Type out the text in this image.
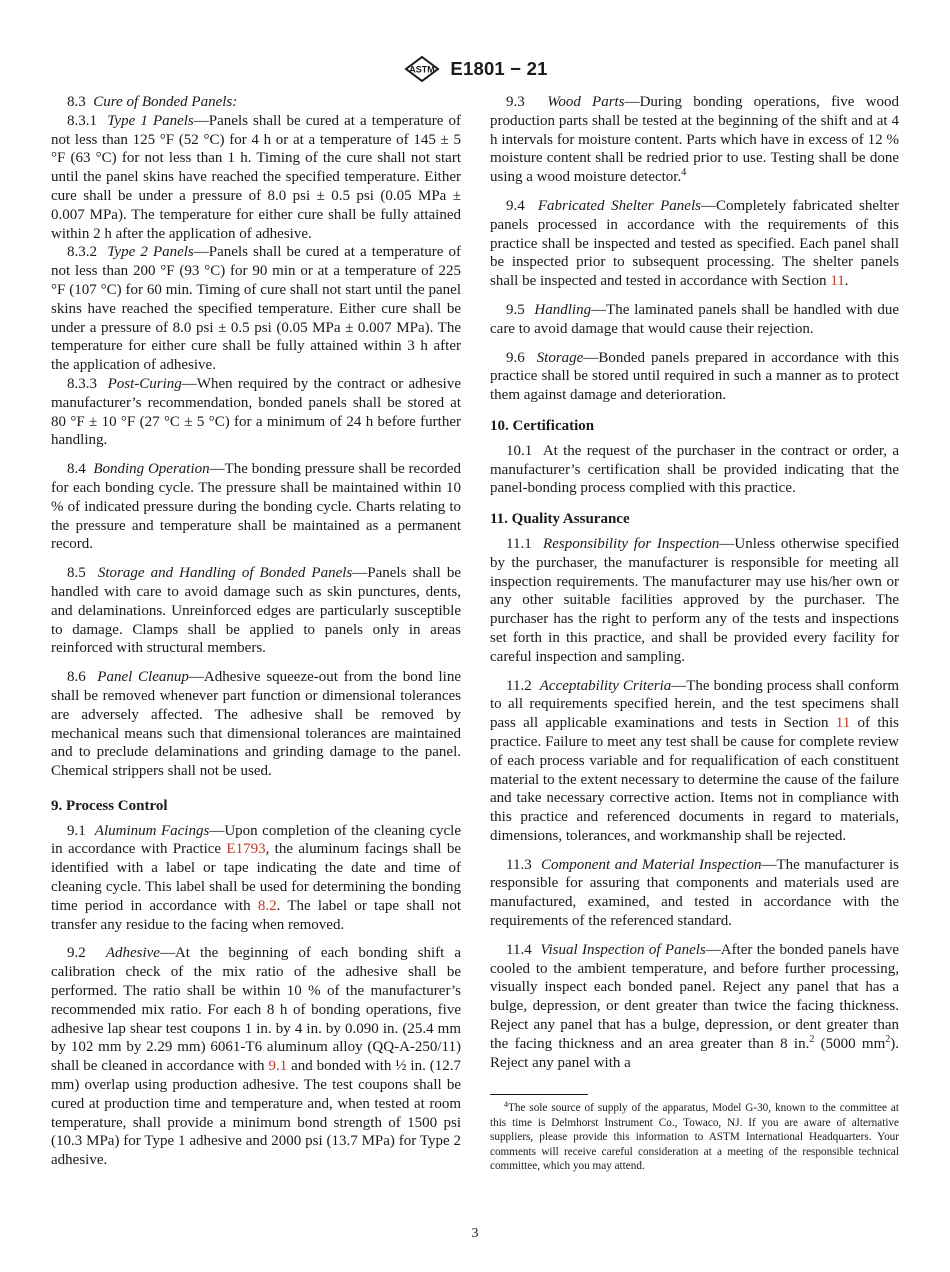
ASTM E1801 − 21

8.3 Cure of Bonded Panels:

8.3.1 Type 1 Panels—Panels shall be cured at a temperature of not less than 125 °F (52 °C) for 4 h or at a temperature of 145 ± 5 °F (63 °C) for not less than 1 h. Timing of the cure shall not start until the panel skins have reached the specified temperature. Either cure shall be under a pressure of 8.0 psi ± 0.5 psi (0.05 MPa ± 0.007 MPa). The temperature for either cure shall be fully attained within 2 h after the application of adhesive.

8.3.2 Type 2 Panels—Panels shall be cured at a temperature of not less than 200 °F (93 °C) for 90 min or at a temperature of 225 °F (107 °C) for 60 min. Timing of cure shall not start until the panel skins have reached the specified temperature. Either cure shall be under a pressure of 8.0 psi ± 0.5 psi (0.05 MPa ± 0.007 MPa). The temperature for either cure shall be fully attained within 3 h after the application of adhesive.

8.3.3 Post-Curing—When required by the contract or adhesive manufacturer’s recommendation, bonded panels shall be stored at 80 °F ± 10 °F (27 °C ± 5 °C) for a minimum of 24 h before further handling.

8.4 Bonding Operation—The bonding pressure shall be recorded for each bonding cycle. The pressure shall be maintained within 10 % of indicated pressure during the bonding cycle. Charts relating to the pressure and temperature shall be maintained as a permanent record.

8.5 Storage and Handling of Bonded Panels—Panels shall be handled with care to avoid damage such as skin punctures, dents, and delaminations. Unreinforced edges are particularly susceptible to damage. Clamps shall be applied to panels only in areas reinforced with structural members.

8.6 Panel Cleanup—Adhesive squeeze-out from the bond line shall be removed whenever part function or dimensional tolerances are adversely affected. The adhesive shall be removed by mechanical means such that dimensional tolerances are maintained and to preclude delaminations and grinding damage to the panel. Chemical strippers shall not be used.

9. Process Control

9.1 Aluminum Facings—Upon completion of the cleaning cycle in accordance with Practice E1793, the aluminum facings shall be identified with a label or tape indicating the date and time of cleaning cycle. This label shall be used for determining the bonding time period in accordance with 8.2. The label or tape shall not transfer any residue to the facing when removed.

9.2 Adhesive—At the beginning of each bonding shift a calibration check of the mix ratio of the adhesive shall be performed. The ratio shall be within 10 % of the manufacturer’s recommended mix ratio. For each 8 h of bonding operations, five adhesive lap shear test coupons 1 in. by 4 in. by 0.090 in. (25.4 mm by 102 mm by 2.29 mm) 6061-T6 aluminum alloy (QQ-A-250/11) shall be cleaned in accordance with 9.1 and bonded with ½ in. (12.7 mm) overlap using production adhesive. The test coupons shall be cured at production time and temperature and, when tested at room temperature, shall provide a minimum bond strength of 1500 psi (10.3 MPa) for Type 1 adhesive and 2000 psi (13.7 MPa) for Type 2 adhesive.

9.3 Wood Parts—During bonding operations, five wood production parts shall be tested at the beginning of the shift and at 4 h intervals for moisture content. Parts which have in excess of 12 % moisture content shall be redried prior to use. Testing shall be done using a wood moisture detector.$^4$

9.4 Fabricated Shelter Panels—Completely fabricated shelter panels processed in accordance with the requirements of this practice shall be inspected and tested as specified. Each panel shall be inspected prior to subsequent processing. The shelter panels shall be inspected and tested in accordance with Section 11.

9.5 Handling—The laminated panels shall be handled with due care to avoid damage that would cause their rejection.

9.6 Storage—Bonded panels prepared in accordance with this practice shall be stored until required in such a manner as to protect them against damage and deterioration.

10. Certification

10.1 At the request of the purchaser in the contract or order, a manufacturer’s certification shall be provided indicating that the panel-bonding process complied with this practice.

11. Quality Assurance

11.1 Responsibility for Inspection—Unless otherwise specified by the purchaser, the manufacturer is responsible for meeting all inspection requirements. The manufacturer may use his/her own or any other suitable facilities approved by the purchaser. The purchaser has the right to perform any of the tests and inspections set forth in this practice, and shall be provided every facility for careful inspection and sampling.

11.2 Acceptability Criteria—The bonding process shall conform to all requirements specified herein, and the test specimens shall pass all applicable examinations and tests in Section 11 of this practice. Failure to meet any test shall be cause for complete review of each process variable and for requalification of each constituent material to the extent necessary to determine the cause of the failure and take necessary corrective action. Items not in compliance with this practice and referenced documents in regard to materials, dimensions, tolerances, and workmanship shall be rejected.

11.3 Component and Material Inspection—The manufacturer is responsible for assuring that components and materials used are manufactured, examined, and tested in accordance with the requirements of the referenced standard.

11.4 Visual Inspection of Panels—After the bonded panels have cooled to the ambient temperature, and before further processing, visually inspect each bonded panel. Reject any panel that has a bulge, depression, or dent greater than twice the facing thickness. Reject any panel that has a bulge, depression, or dent greater than the facing thickness and an area greater than 8 in.$^2$ (5000 $mm^2$). Reject any panel with a

$^4$The sole source of supply of the apparatus, Model G-30, known to the committee at this time is Delmhorst Instrument Co., Towaco, NJ. If you are aware of alternative suppliers, please provide this information to ASTM International Headquarters. Your comments will receive careful consideration at a meeting of the responsible technical committee, which you may attend.

3
